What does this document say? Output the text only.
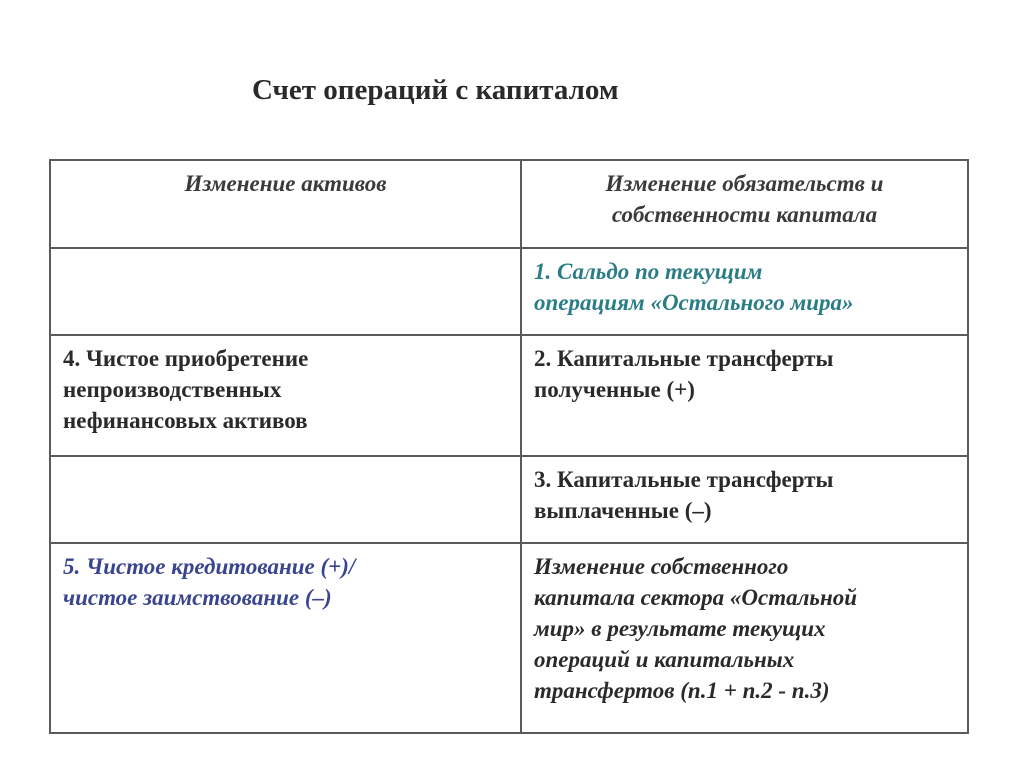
Счет операций с капиталом
Изменение активов	Изменение обязательств и
собственности капитала

	1. Сальдо по текущим
операциям «Остального мира»

4. Чистое приобретение
непроизводственных
нефинансовых активов	2. Капитальные трансферты
полученные (+)

	3. Капитальные трансферты
выплаченные (–)

5. Чистое кредитование (+)/
чистое заимствование (–)	Изменение собственного
капитала сектора «Остальной
мир» в результате текущих
операций и капитальных
трансфертов (п.1 + п.2 - п.3)
